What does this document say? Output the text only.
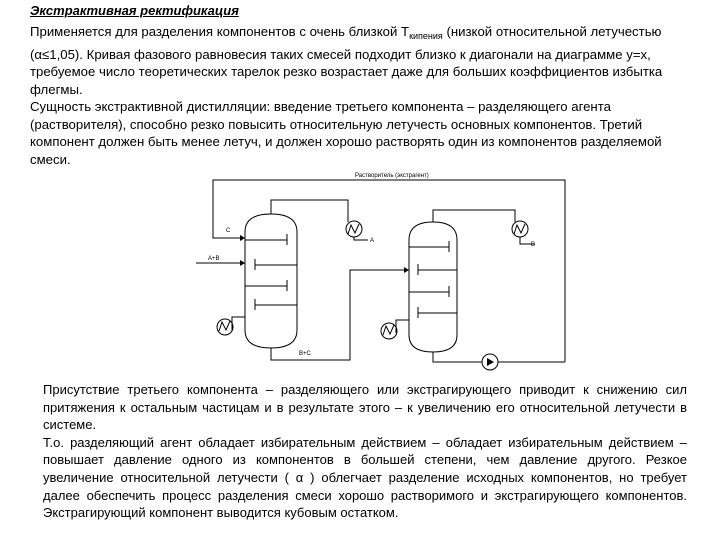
Экстрактивная ректификация

Применяется для разделения компонентов с очень близкой $T_{кипения}$ (низкой относительной летучестью (α≤1,05). Кривая фазового равновесия таких смесей подходит близко к диагонали на диаграмме y=x, требуемое число теоретических тарелок резко возрастает даже для больших коэффициентов избытка флегмы.

Сущность экстрактивной дистилляции: введение третьего компонента – разделяющего агента (растворителя), способно резко повысить относительную летучесть основных компонентов. Третий компонент должен быть менее летуч, и должен хорошо растворять один из компонентов разделяемой смеси.

Растворитель (экстрагент)
C
A+B
A
B+C
B

Присутствие третьего компонента – разделяющего или экстрагирующего приводит к снижению сил притяжения к остальным частицам и в результате этого – к увеличению его относительной летучести в системе.

Т.о. разделяющий агент обладает избирательным действием – обладает избирательным действием – повышает давление одного из компонентов в большей степени, чем давление другого. Резкое увеличение относительной летучести ( α ) облегчает разделение исходных компонентов, но требует далее обеспечить процесс разделения смеси хорошо растворимого и экстрагирующего компонентов. Экстрагирующий компонент выводится кубовым остатком.
